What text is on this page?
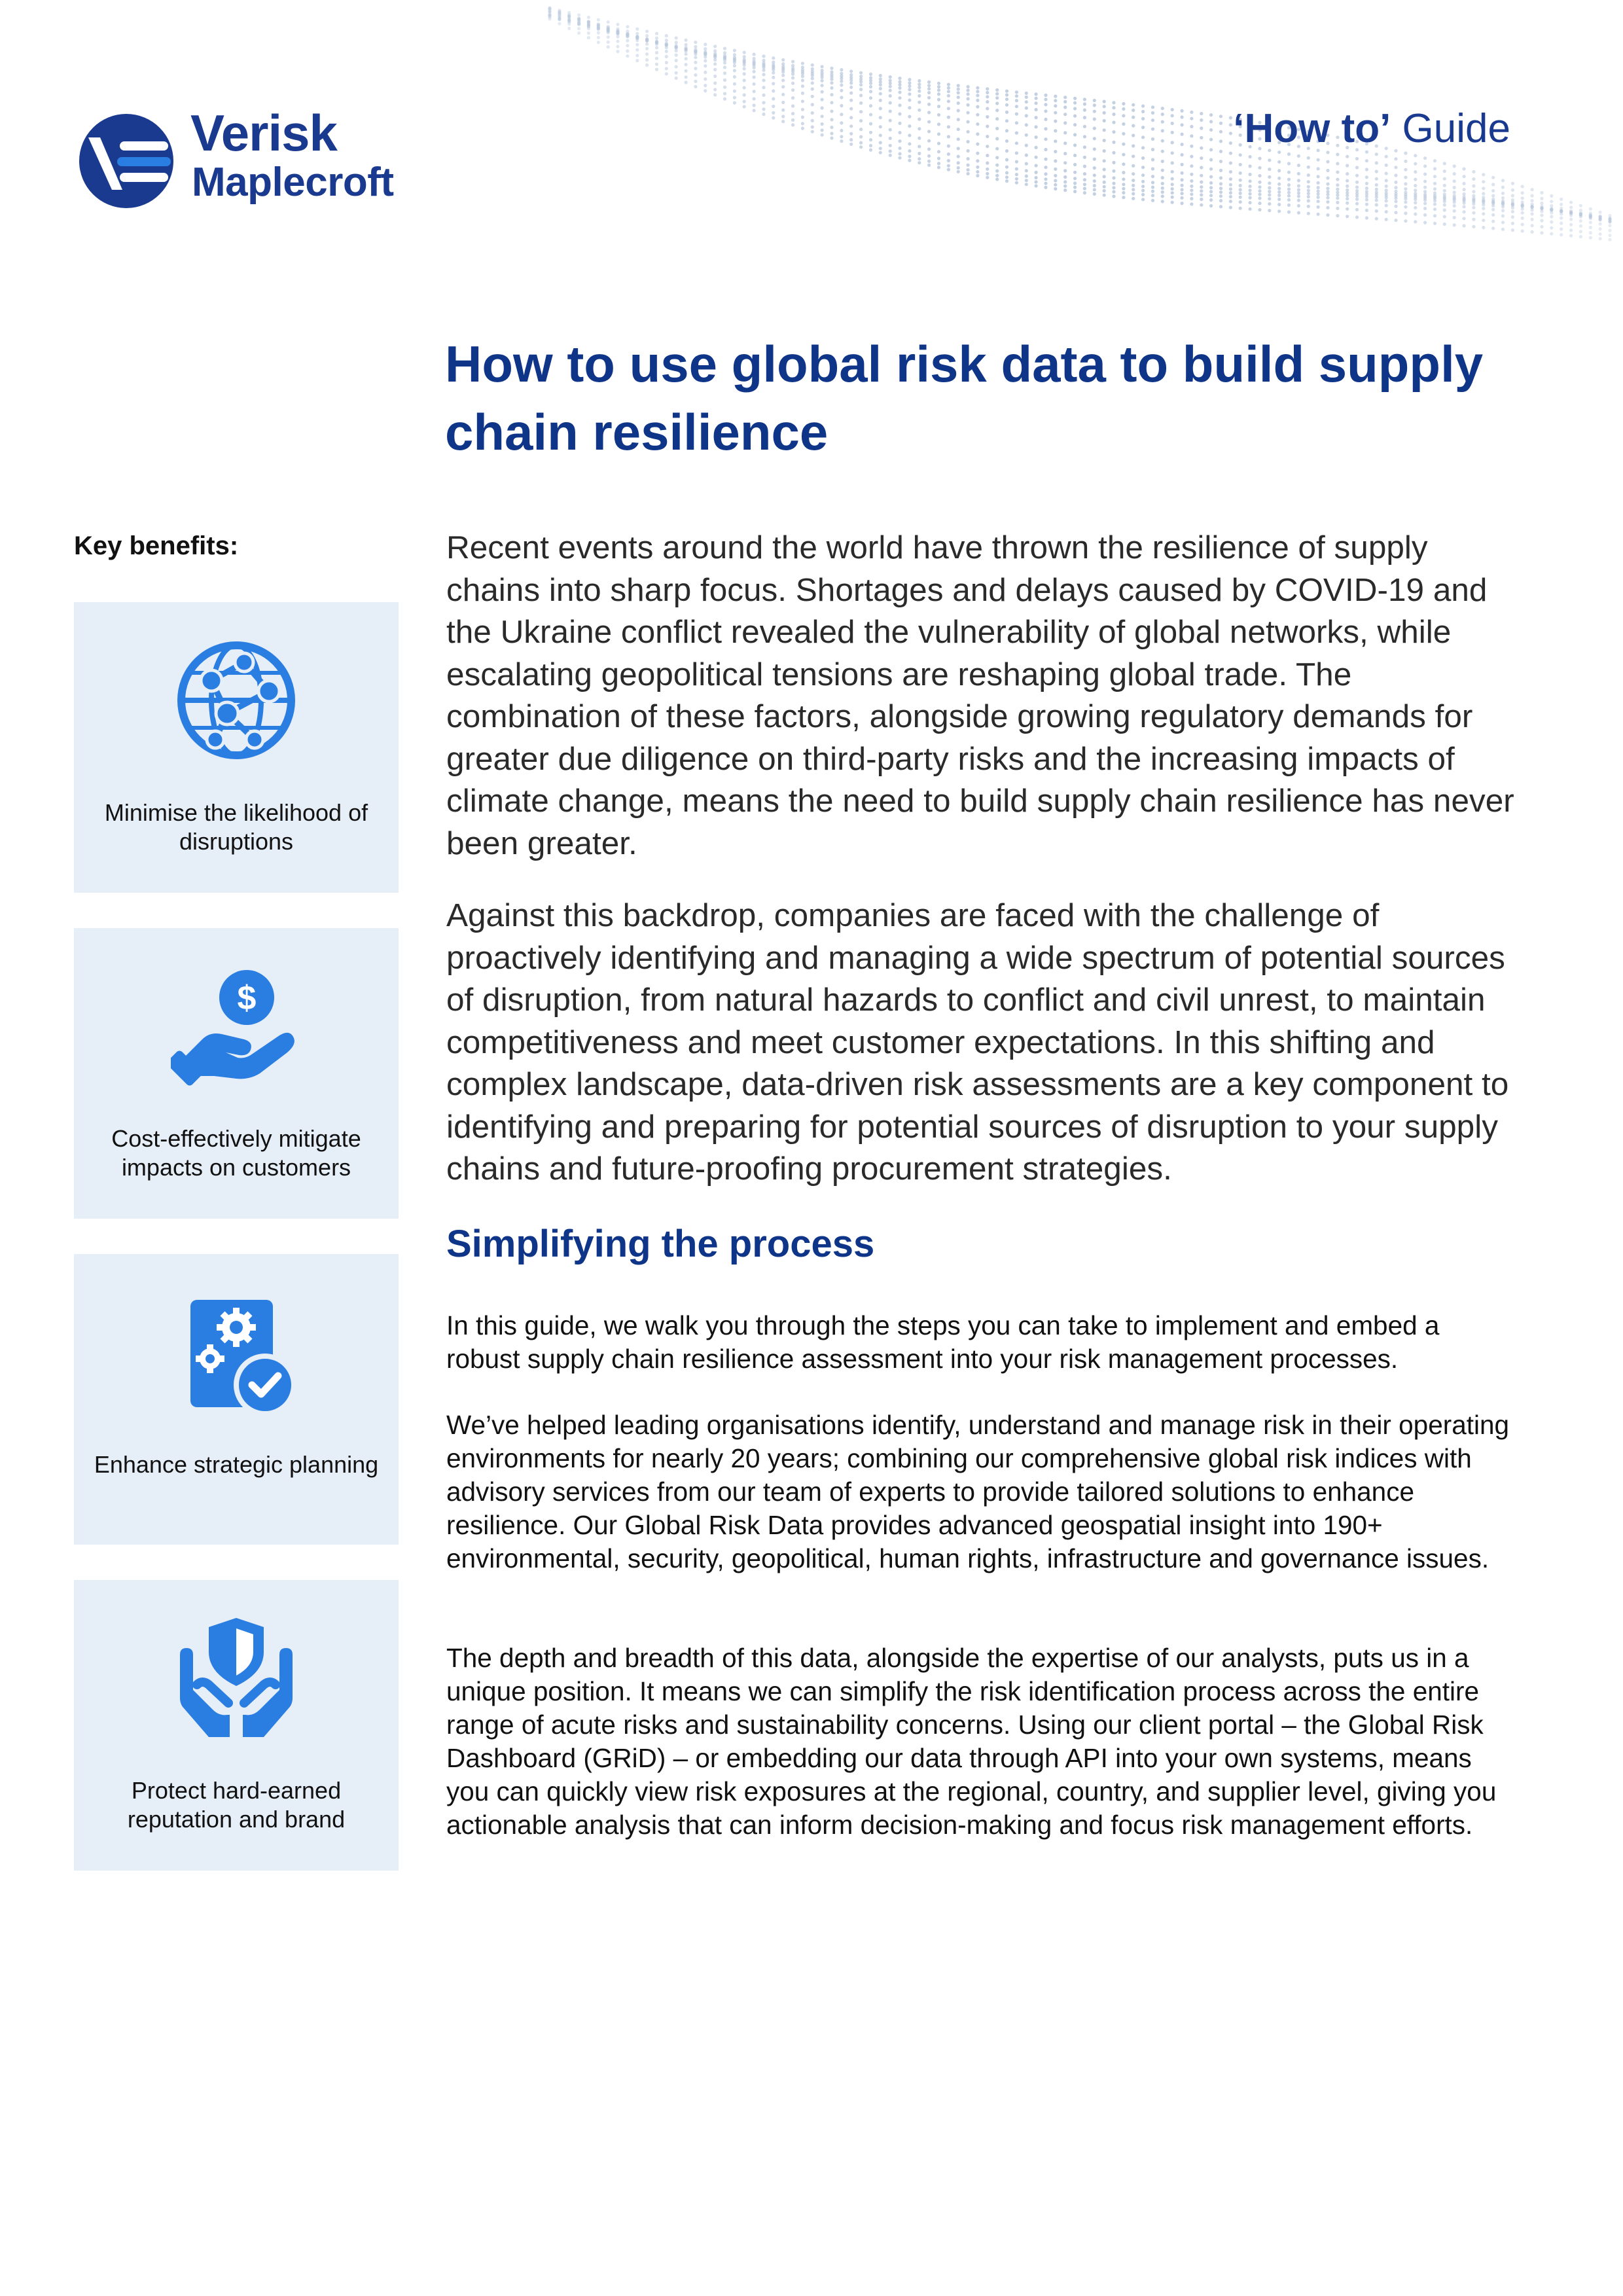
Verisk
Maplecroft
‘How to’ Guide
How to use global risk data to build supply chain resilience
Key benefits:
Minimise the likelihood of disruptions
$
Cost-effectively mitigate impacts on customers
Enhance strategic planning
Protect hard-earned reputation and brand

Recent events around the world have thrown the resilience of supply chains into sharp focus. Shortages and delays caused by COVID-19 and the Ukraine conflict revealed the vulnerability of global networks, while escalating geopolitical tensions are reshaping global trade. The combination of these factors, alongside growing regulatory demands for greater due diligence on third-party risks and the increasing impacts of climate change, means the need to build supply chain resilience has never been greater.

Against this backdrop, companies are faced with the challenge of proactively identifying and managing a wide spectrum of potential sources of disruption, from natural hazards to conflict and civil unrest, to maintain competitiveness and meet customer expectations. In this shifting and complex landscape, data-driven risk assessments are a key component to identifying and preparing for potential sources of disruption to your supply chains and future-proofing procurement strategies.

Simplifying the process

In this guide, we walk you through the steps you can take to implement and embed a robust supply chain resilience assessment into your risk management processes.

We’ve helped leading organisations identify, understand and manage risk in their operating environments for nearly 20 years; combining our comprehensive global risk indices with advisory services from our team of experts to provide tailored solutions to enhance resilience. Our Global Risk Data provides advanced geospatial insight into 190+ environmental, security, geopolitical, human rights, infrastructure and governance issues.

The depth and breadth of this data, alongside the expertise of our analysts, puts us in a unique position. It means we can simplify the risk identification process across the entire range of acute risks and sustainability concerns. Using our client portal – the Global Risk Dashboard (GRiD) – or embedding our data through API into your own systems, means you can quickly view risk exposures at the regional, country, and supplier level, giving you actionable analysis that can inform decision-making and focus risk management efforts.
